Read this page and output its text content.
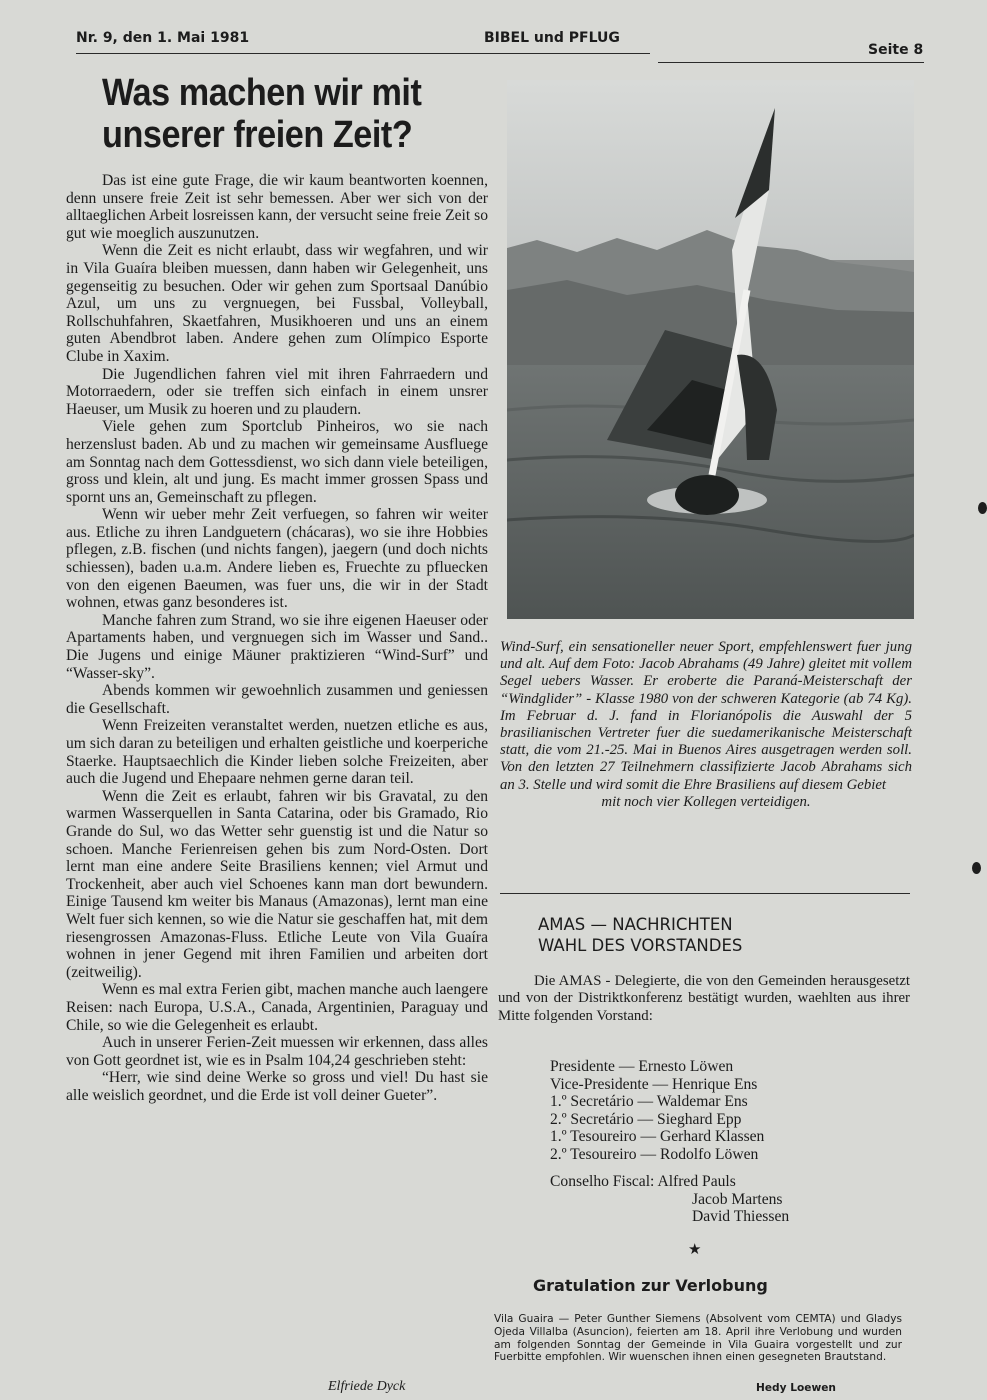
Nr. 9, den 1. Mai 1981	BIBEL und PFLUG
Seite 8
Was machen wir mit
unserer freien Zeit?

Das ist eine gute Frage, die wir kaum beantworten koennen, denn unsere freie Zeit ist sehr bemessen. Aber wer sich von der alltaeglichen Arbeit losreissen kann, der versucht seine freie Zeit so gut wie moeglich auszunutzen.

Wenn die Zeit es nicht erlaubt, dass wir wegfahren, und wir in Vila Guaíra bleiben muessen, dann haben wir Gelegenheit, uns gegenseitig zu besuchen. Oder wir gehen zum Sportsaal Danúbio Azul, um uns zu vergnuegen, bei Fussbal, Volleyball, Rollschuhfahren, Skaetfahren, Musikhoeren und uns an einem guten Abendbrot laben. Andere gehen zum Olímpico Esporte Clube in Xaxim.

Die Jugendlichen fahren viel mit ihren Fahrraedern und Motorraedern, oder sie treffen sich einfach in einem unsrer Haeuser, um Musik zu hoeren und zu plaudern.

Viele gehen zum Sportclub Pinheiros, wo sie nach herzenslust baden. Ab und zu machen wir gemeinsame Ausfluege am Sonntag nach dem Gottessdienst, wo sich dann viele beteiligen, gross und klein, alt und jung. Es macht immer grossen Spass und spornt uns an, Gemeinschaft zu pflegen.

Wenn wir ueber mehr Zeit verfuegen, so fahren wir weiter aus. Etliche zu ihren Landguetern (chácaras), wo sie ihre Hobbies pflegen, z.B. fischen (und nichts fangen), jaegern (und doch nichts schiessen), baden u.a.m. Andere lieben es, Fruechte zu pfluecken von den eigenen Baeumen, was fuer uns, die wir in der Stadt wohnen, etwas ganz besonderes ist.

Manche fahren zum Strand, wo sie ihre eigenen Haeuser oder Apartaments haben, und vergnuegen sich im Wasser und Sand.. Die Jugens und einige Mäuner praktizieren “Wind-Surf” und “Wasser-sky”.

Abends kommen wir gewoehnlich zusammen und geniessen die Gesellschaft.

Wenn Freizeiten veranstaltet werden, nuetzen etliche es aus, um sich daran zu beteiligen und erhalten geistliche und koerperiche Staerke. Hauptsaechlich die Kinder lieben solche Freizeiten, aber auch die Jugend und Ehepaare nehmen gerne daran teil.

Wenn die Zeit es erlaubt, fahren wir bis Gravatal, zu den warmen Wasserquellen in Santa Catarina, oder bis Gramado, Rio Grande do Sul, wo das Wetter sehr guenstig ist und die Natur so schoen. Manche Ferienreisen gehen bis zum Nord-Osten. Dort lernt man eine andere Seite Brasiliens kennen; viel Armut und Trockenheit, aber auch viel Schoenes kann man dort bewundern. Einige Tausend km weiter bis Manaus (Amazonas), lernt man eine Welt fuer sich kennen, so wie die Natur sie geschaffen hat, mit dem riesengrossen Amazonas-Fluss. Etliche Leute von Vila Guaíra wohnen in jener Gegend mit ihren Familien und arbeiten dort (zeitweilig).

Wenn es mal extra Ferien gibt, machen manche auch laengere Reisen: nach Europa, U.S.A., Canada, Argentinien, Paraguay und Chile, so wie die Gelegenheit es erlaubt.

Auch in unserer Ferien-Zeit muessen wir erkennen, dass alles von Gott geordnet ist, wie es in Psalm 104,24 geschrieben steht:

“Herr, wie sind deine Werke so gross und viel! Du hast sie alle weislich geordnet, und die Erde ist voll deiner Gueter”.

Elfriede Dyck
Wind-Surf, ein sensationeller neuer Sport, empfehlenswert fuer jung und alt. Auf dem Foto: Jacob Abrahams (49 Jahre) gleitet mit vollem Segel uebers Wasser. Er eroberte die Paraná-Meisterschaft der “Windglider” - Klasse 1980 von der schweren Kategorie (ab 74 Kg). Im Februar d. J. fand in Florianópolis die Auswahl der 5 brasilianischen Vertreter fuer die suedamerikanische Meisterschaft statt, die vom 21.-25. Mai in Buenos Aires ausgetragen werden soll. Von den letzten 27 Teilnehmern classifizierte Jacob Abrahams sich an 3. Stelle und wird somit die Ehre Brasiliens auf diesem Gebiet
mit noch vier Kollegen verteidigen.
AMAS — NACHRICHTEN
WAHL DES VORSTANDES

Die AMAS - Delegierte, die von den Gemeinden herausgesetzt und von der Distriktkonferenz bestätigt wurden, waehlten aus ihrer Mitte folgenden Vorstand:

Presidente — Ernesto Löwen
Vice-Presidente — Henrique Ens
1.º Secretário — Waldemar Ens
2.º Secretário — Sieghard Epp
1.º Tesoureiro — Gerhard Klassen
2.º Tesoureiro — Rodolfo Löwen
Conselho Fiscal: Alfred Pauls
Jacob Martens
David Thiessen
★
Gratulation zur Verlobung
Vila Guaira — Peter Gunther Siemens (Absolvent vom CEMTA) und Gladys Ojeda Villalba (Asuncion), feierten am 18. April ihre Verlobung und wurden am folgenden Sonntag der Gemeinde in Vila Guaira vorgestellt und zur Fuerbitte empfohlen. Wir wuenschen ihnen einen gesegneten Brautstand.
Hedy Loewen
